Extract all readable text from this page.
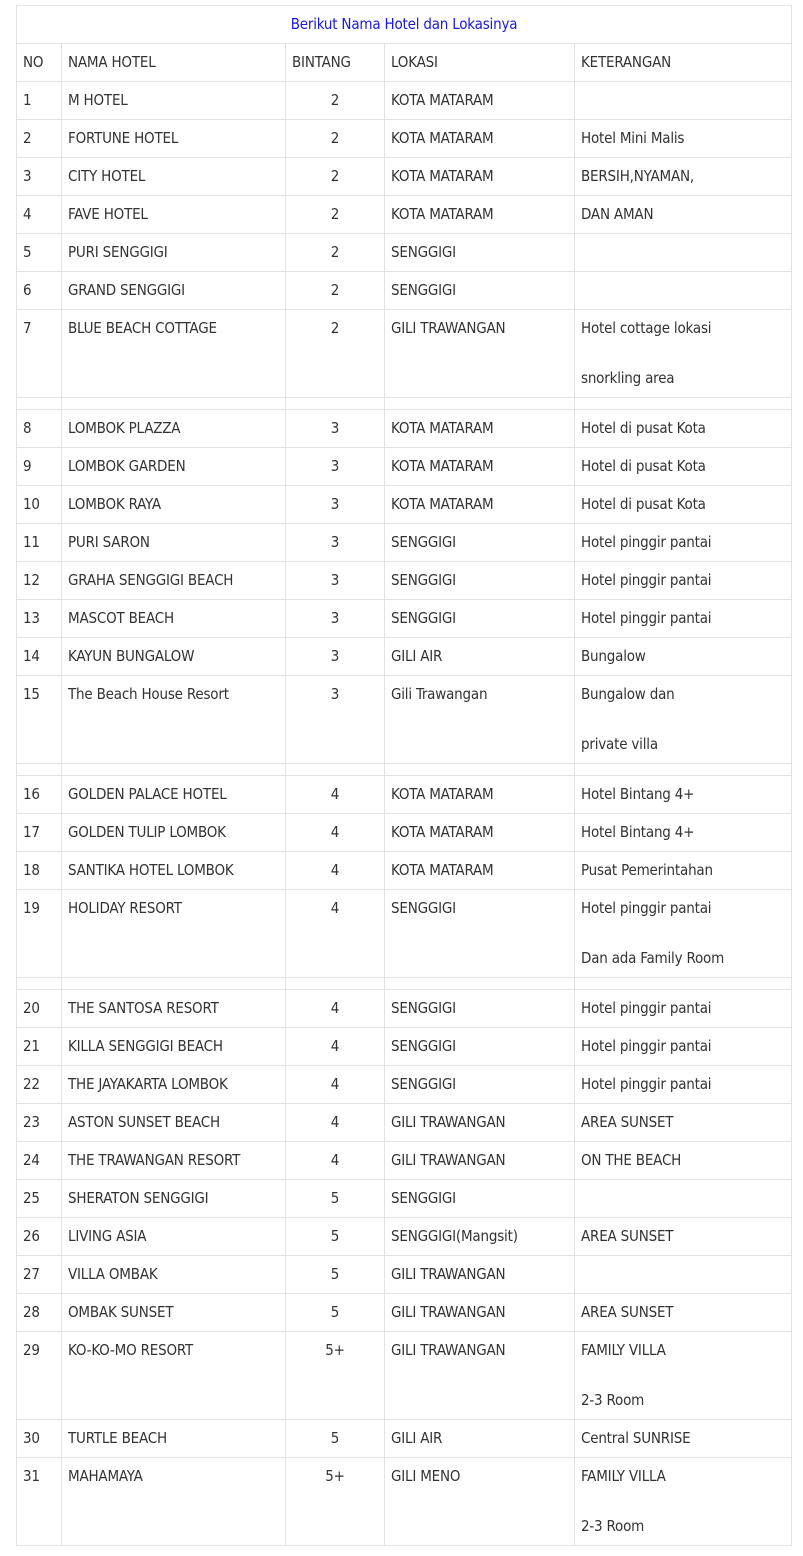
Berikut Nama Hotel dan Lokasinya				
NO	NAMA HOTEL	BINTANG	LOKASI	KETERANGAN
1	M HOTEL	2	KOTA MATARAM	
2	FORTUNE HOTEL	2	KOTA MATARAM	Hotel Mini Malis
3	CITY HOTEL	2	KOTA MATARAM	BERSIH,NYAMAN,
4	FAVE HOTEL	2	KOTA MATARAM	DAN AMAN
5	PURI SENGGIGI	2	SENGGIGI	
6	GRAND SENGGIGI	2	SENGGIGI	

7	BLUE BEACH COTTAGE	2	GILI TRAWANGAN	Hotel cottage lokasi
snorkling area

8	LOMBOK PLAZZA	3	KOTA MATARAM	Hotel di pusat Kota
9	LOMBOK GARDEN	3	KOTA MATARAM	Hotel di pusat Kota
10	LOMBOK RAYA	3	KOTA MATARAM	Hotel di pusat Kota
11	PURI SARON	3	SENGGIGI	Hotel pinggir pantai
12	GRAHA SENGGIGI BEACH	3	SENGGIGI	Hotel pinggir pantai
13	MASCOT BEACH	3	SENGGIGI	Hotel pinggir pantai
14	KAYUN BUNGALOW	3	GILI AIR	Bungalow

15	The Beach House Resort	3	Gili Trawangan	Bungalow dan
private villa

16	GOLDEN PALACE HOTEL	4	KOTA MATARAM	Hotel Bintang 4+
17	GOLDEN TULIP LOMBOK	4	KOTA MATARAM	Hotel Bintang 4+
18	SANTIKA HOTEL LOMBOK	4	KOTA MATARAM	Pusat Pemerintahan

19	HOLIDAY RESORT	4	SENGGIGI	Hotel pinggir pantai
Dan ada Family Room

20	THE SANTOSA RESORT	4	SENGGIGI	Hotel pinggir pantai
21	KILLA SENGGIGI BEACH	4	SENGGIGI	Hotel pinggir pantai
22	THE JAYAKARTA LOMBOK	4	SENGGIGI	Hotel pinggir pantai
23	ASTON SUNSET BEACH	4	GILI TRAWANGAN	AREA SUNSET
24	THE TRAWANGAN RESORT	4	GILI TRAWANGAN	ON THE BEACH
25	SHERATON SENGGIGI	5	SENGGIGI	
26	LIVING ASIA	5	SENGGIGI(Mangsit)	AREA SUNSET
27	VILLA OMBAK	5	GILI TRAWANGAN	
28	OMBAK SUNSET	5	GILI TRAWANGAN	AREA SUNSET

29	KO-KO-MO RESORT	5+	GILI TRAWANGAN	FAMILY VILLA
2-3 Room

30	TURTLE BEACH	5	GILI AIR	Central SUNRISE

31	MAHAMAYA	5+	GILI MENO	FAMILY VILLA
2-3 Room
